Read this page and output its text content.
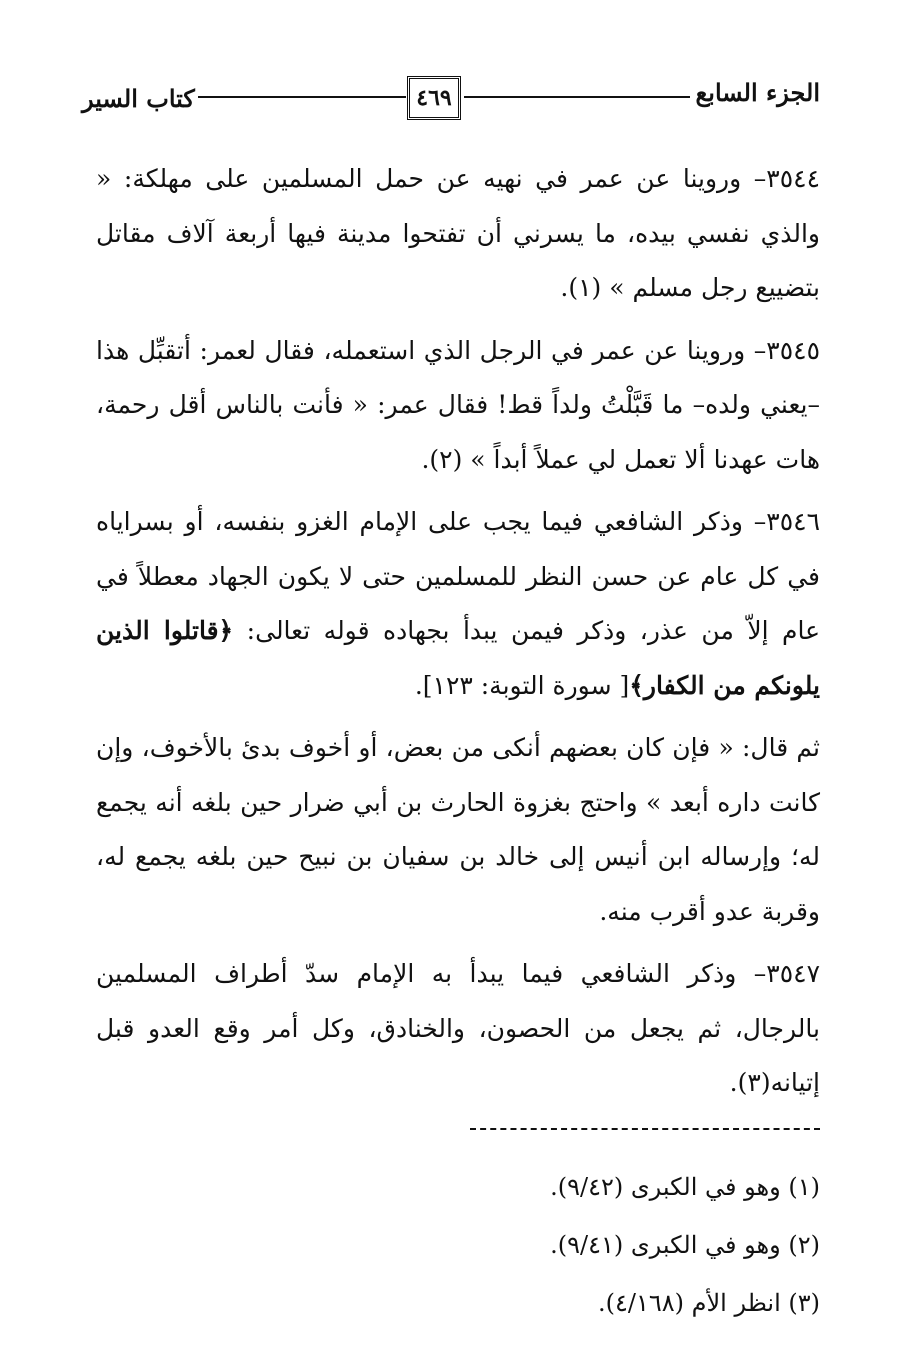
الجزء السابع
٤٦٩
كتاب السير

٣٥٤٤– وروينا عن عمر في نهيه عن حمل المسلمين على مهلكة: « والذي نفسي بيده، ما يسرني أن تفتحوا مدينة فيها أربعة آلاف مقاتل بتضييع رجل مسلم » (١).

٣٥٤٥– وروينا عن عمر في الرجل الذي استعمله، فقال لعمر: أتقبِّل هذا –يعني ولده– ما قَبَّلْتُ ولداً قط! فقال عمر: « فأنت بالناس أقل رحمة، هات عهدنا ألا تعمل لي عملاً أبداً » (٢).

٣٥٤٦– وذكر الشافعي فيما يجب على الإمام الغزو بنفسه، أو بسراياه في كل عام عن حسن النظر للمسلمين حتى لا يكون الجهاد معطلاً في عام إلاّ من عذر، وذكر فيمن يبدأ بجهاده قوله تعالى: ﴿قاتلوا الذين يلونكم من الكفار﴾[ سورة التوبة: ١٢٣].

ثم قال: « فإن كان بعضهم أنكى من بعض، أو أخوف بدئ بالأخوف، وإن كانت داره أبعد » واحتج بغزوة الحارث بن أبي ضرار حين بلغه أنه يجمع له؛ وإرساله ابن أنيس إلى خالد بن سفيان بن نبيح حين بلغه يجمع له، وقربة عدو أقرب منه.

٣٥٤٧– وذكر الشافعي فيما يبدأ به الإمام سدّ أطراف المسلمين بالرجال، ثم يجعل من الحصون، والخنادق، وكل أمر وقع العدو قبل إتيانه(٣).

(١) وهو في الكبرى (٩/٤٢).

(٢) وهو في الكبرى (٩/٤١).

(٣) انظر الأم (٤/١٦٨).
